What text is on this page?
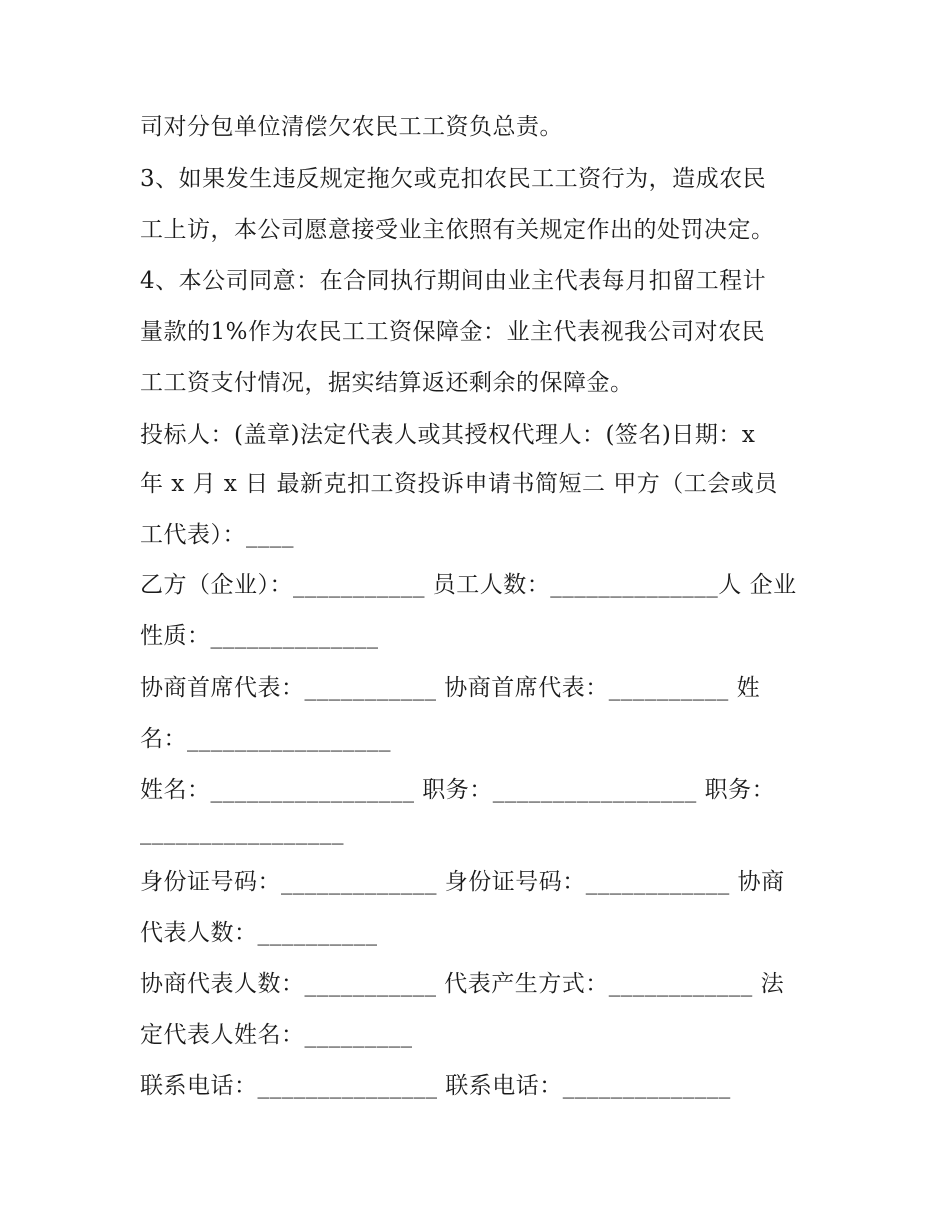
司对分包单位清偿欠农民工工资负总责。
3、如果发生违反规定拖欠或克扣农民工工资行为，造成农民
工上访，本公司愿意接受业主依照有关规定作出的处罚决定。
4、本公司同意：在合同执行期间由业主代表每月扣留工程计
量款的1%作为农民工工资保障金：业主代表视我公司对农民
工工资支付情况，据实结算返还剩余的保障金。
投标人：(盖章)法定代表人或其授权代理人：(签名)日期：x
年 x 月 x 日 最新克扣工资投诉申请书简短二 甲方（工会或员
工代表）：____
乙方（企业）：___________ 员工人数：______________人 企业
性质：______________
协商首席代表：___________ 协商首席代表：__________ 姓
名：_________________
姓名：_________________ 职务：_________________ 职务：
_________________
身份证号码：_____________ 身份证号码：____________ 协商
代表人数：__________
协商代表人数：___________ 代表产生方式：____________ 法
定代表人姓名：_________
联系电话：_______________ 联系电话：______________
